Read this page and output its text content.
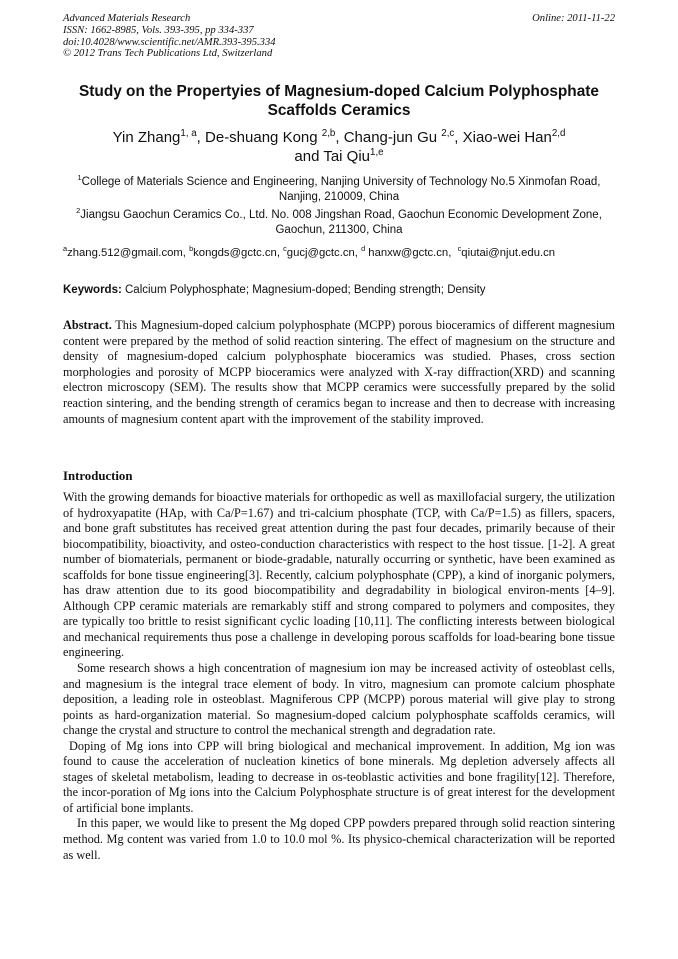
Advanced Materials Research
ISSN: 1662-8985, Vols. 393-395, pp 334-337
doi:10.4028/www.scientific.net/AMR.393-395.334
© 2012 Trans Tech Publications Ltd, Switzerland
Online: 2011-11-22
Study on the Propertyies of Magnesium-doped Calcium Polyphosphate Scaffolds Ceramics
Yin Zhang$^{1, a}$, De-shuang Kong $^{2,b}$, Chang-jun Gu $^{2,c}$, Xiao-wei Han$^{2,d}$
and Tai Qiu$^{1,e}$
$^1$College of Materials Science and Engineering, Nanjing University of Technology No.5 Xinmofan Road, Nanjing, 210009, China
$^2$Jiangsu Gaochun Ceramics Co., Ltd. No. 008 Jingshan Road, Gaochun Economic Development Zone, Gaochun, 211300, China
$^a$zhang.512@gmail.com, $^b$kongds@gctc.cn, $^c$gucj@gctc.cn, $^d$ hanxw@gctc.cn, $^c$qiutai@njut.edu.cn
Keywords: Calcium Polyphosphate; Magnesium-doped; Bending strength; Density
Abstract. This Magnesium-doped calcium polyphosphate (MCPP) porous bioceramics of different magnesium content were prepared by the method of solid reaction sintering. The effect of magnesium on the structure and density of magnesium-doped calcium polyphosphate bioceramics was studied. Phases, cross section morphologies and porosity of MCPP bioceramics were analyzed with X-ray diffraction(XRD) and scanning electron microscopy (SEM). The results show that MCPP ceramics were successfully prepared by the solid reaction sintering, and the bending strength of ceramics began to increase and then to decrease with increasing amounts of magnesium content apart with the improvement of the stability improved.
Introduction

With the growing demands for bioactive materials for orthopedic as well as maxillofacial surgery, the utilization of hydroxyapatite (HAp, with Ca/P=1.67) and tri-calcium phosphate (TCP, with Ca/P=1.5) as fillers, spacers, and bone graft substitutes has received great attention during the past four decades, primarily because of their biocompatibility, bioactivity, and osteo-conduction characteristics with respect to the host tissue. [1-2]. A great number of biomaterials, permanent or biode-gradable, naturally occurring or synthetic, have been examined as scaffolds for bone tissue engineering[3]. Recently, calcium polyphosphate (CPP), a kind of inorganic polymers, has draw attention due to its good biocompatibility and degradability in biological environ-ments [4–9]. Although CPP ceramic materials are remarkably stiff and strong compared to polymers and composites, they are typically too brittle to resist significant cyclic loading [10,11]. The conflicting interests between biological and mechanical requirements thus pose a challenge in developing porous scaffolds for load-bearing bone tissue engineering.

Some research shows a high concentration of magnesium ion may be increased activity of osteoblast cells, and magnesium is the integral trace element of body. In vitro, magnesium can promote calcium phosphate deposition, a leading role in osteoblast. Magniferous CPP (MCPP) porous material will give play to strong points as hard-organization material. So magnesium-doped calcium polyphosphate scaffolds ceramics, will change the crystal and structure to control the mechanical strength and degradation rate.

Doping of Mg ions into CPP will bring biological and mechanical improvement. In addition, Mg ion was found to cause the acceleration of nucleation kinetics of bone minerals. Mg depletion adversely affects all stages of skeletal metabolism, leading to decrease in os-teoblastic activities and bone fragility[12]. Therefore, the incor-poration of Mg ions into the Calcium Polyphosphate structure is of great interest for the development of artificial bone implants.

In this paper, we would like to present the Mg doped CPP powders prepared through solid reaction sintering method. Mg content was varied from 1.0 to 10.0 mol %. Its physico-chemical characterization will be reported as well.
